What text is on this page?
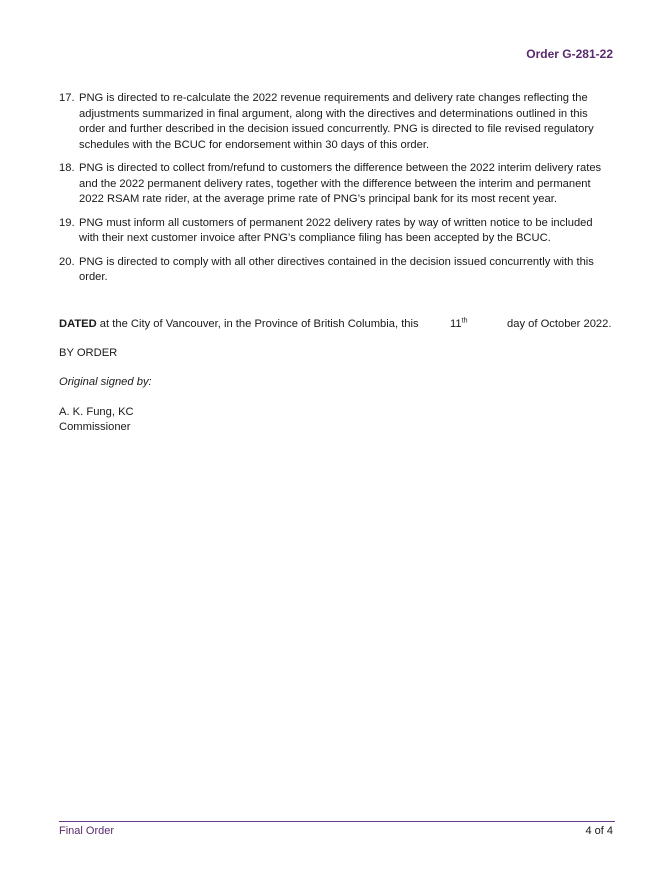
Order G-281-22
17. PNG is directed to re-calculate the 2022 revenue requirements and delivery rate changes reflecting the adjustments summarized in final argument, along with the directives and determinations outlined in this order and further described in the decision issued concurrently. PNG is directed to file revised regulatory schedules with the BCUC for endorsement within 30 days of this order.
18. PNG is directed to collect from/refund to customers the difference between the 2022 interim delivery rates and the 2022 permanent delivery rates, together with the difference between the interim and permanent 2022 RSAM rate rider, at the average prime rate of PNG’s principal bank for its most recent year.
19. PNG must inform all customers of permanent 2022 delivery rates by way of written notice to be included with their next customer invoice after PNG’s compliance filing has been accepted by the BCUC.
20. PNG is directed to comply with all other directives contained in the decision issued concurrently with this order.
DATED at the City of Vancouver, in the Province of British Columbia, this	11th	day of October 2022.
BY ORDER
Original signed by:
A. K. Fung, KC
Commissioner
Final Order	4 of 4
